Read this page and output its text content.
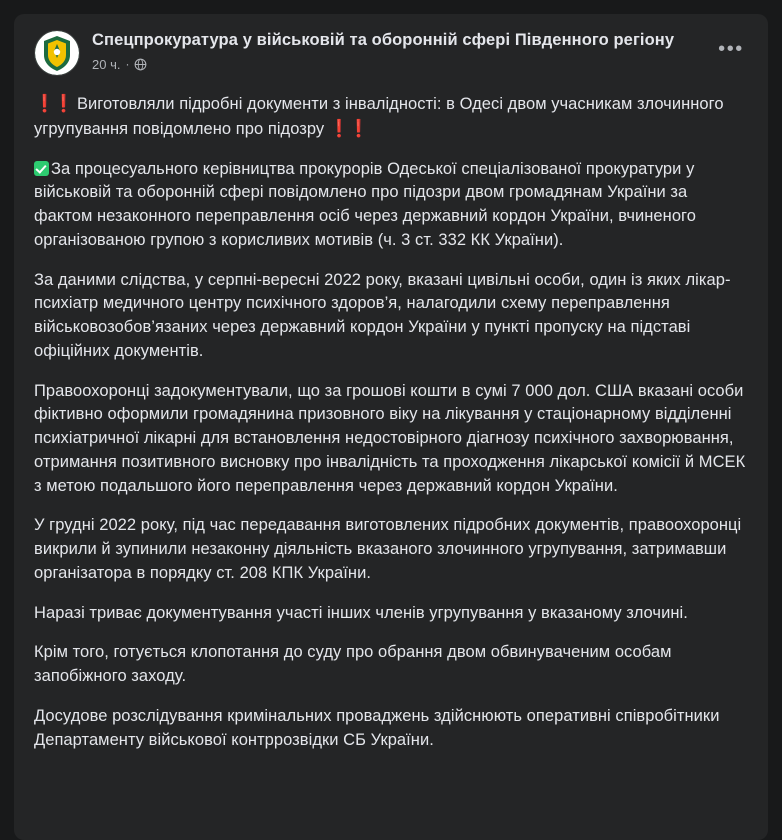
Спецпрокуратура у військовій та оборонній сфері Південного регіону
20 ч. ·
•••

❗❗ Виготовляли підробні документи з інвалідності: в Одесі двом учасникам злочинного угрупування повідомлено про підозру ❗❗

За процесуального керівництва прокурорів Одеської спеціалізованої прокуратури у військовій та оборонній сфері повідомлено про підозри двом громадянам України за фактом незаконного переправлення осіб через державний кордон України, вчиненого організованою групою з корисливих мотивів (ч. 3 ст. 332 КК України).

За даними слідства, у серпні-вересні 2022 року, вказані цивільні особи, один із яких лікар-психіатр медичного центру психічного здоров’я, налагодили схему переправлення військовозобов’язаних через державний кордон України у пункті пропуску на підставі офіційних документів.

Правоохоронці задокументували, що за грошові кошти в сумі 7 000 дол. США вказані особи фіктивно оформили громадянина призовного віку на лікування у стаціонарному відділенні психіатричної лікарні для встановлення недостовірного діагнозу психічного захворювання, отримання позитивного висновку про інвалідність та проходження лікарської комісії й МСЕК з метою подальшого його переправлення через державний кордон України.

У грудні 2022 року, під час передавання виготовлених підробних документів, правоохоронці викрили й зупинили незаконну діяльність вказаного злочинного угрупування, затримавши організатора в порядку ст. 208 КПК України.

Наразі триває документування участі інших членів угрупування у вказаному злочині.

Крім того, готується клопотання до суду про обрання двом обвинуваченим особам запобіжного заходу.

Досудове розслідування кримінальних проваджень здійснюють оперативні співробітники Департаменту військової контррозвідки СБ України.
